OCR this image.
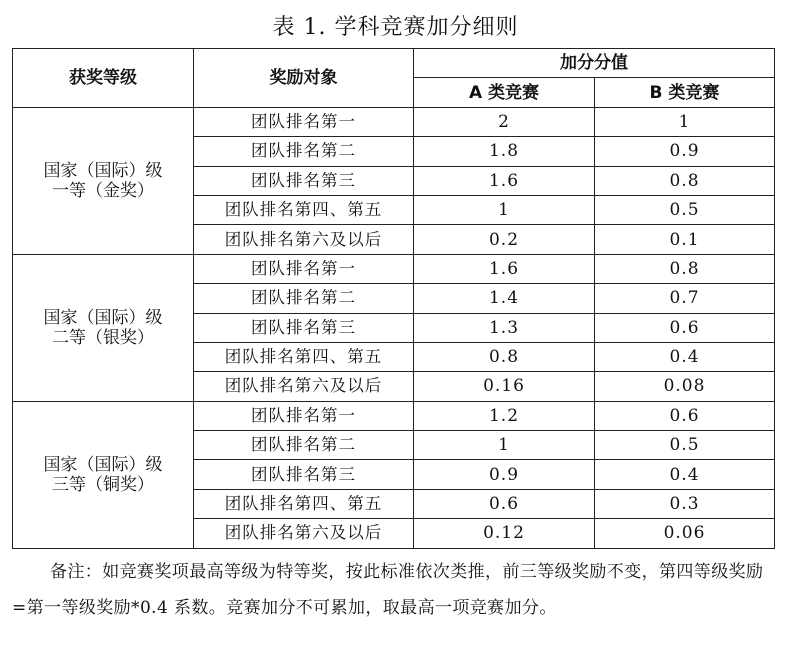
表 1. 学科竞赛加分细则
获奖等级	奖励对象	加分分值	
		A 类竞赛	B 类竞赛

国家（国际）级
一等（金奖）	团队排名第一	2	1
	团队排名第二	1.8	0.9
	团队排名第三	1.6	0.8
	团队排名第四、第五	1	0.5
	团队排名第六及以后	0.2	0.1

国家（国际）级
二等（银奖）	团队排名第一	1.6	0.8
	团队排名第二	1.4	0.7
	团队排名第三	1.3	0.6
	团队排名第四、第五	0.8	0.4
	团队排名第六及以后	0.16	0.08

国家（国际）级
三等（铜奖）	团队排名第一	1.2	0.6
	团队排名第二	1	0.5
	团队排名第三	0.9	0.4
	团队排名第四、第五	0.6	0.3
	团队排名第六及以后	0.12	0.06
备注：如竞赛奖项最高等级为特等奖，按此标准依次类推，前三等级奖励不变，第四等级奖励=第一等级奖励*0.4 系数。竞赛加分不可累加，取最高一项竞赛加分。
